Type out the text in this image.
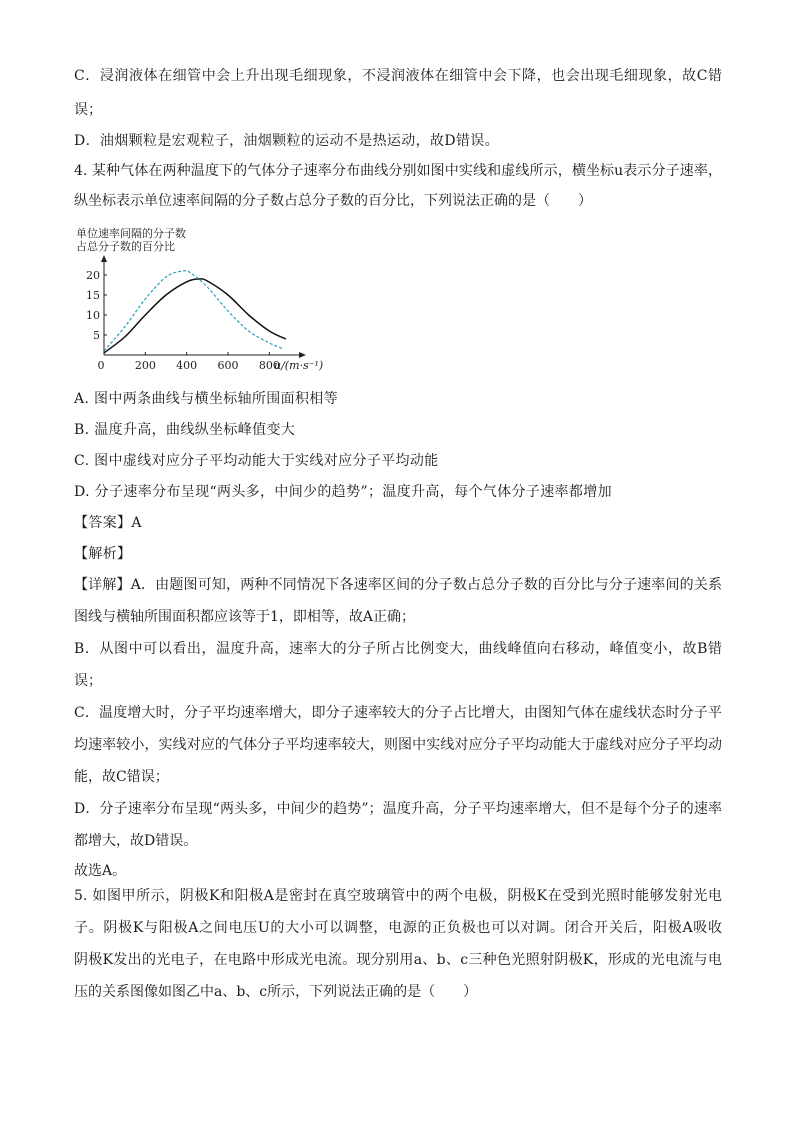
C．浸润液体在细管中会上升出现毛细现象，不浸润液体在细管中会下降，也会出现毛细现象，故C错
误；
D．油烟颗粒是宏观粒子，油烟颗粒的运动不是热运动，故D错误。
4. 某种气体在两种温度下的气体分子速率分布曲线分别如图中实线和虚线所示，横坐标u表示分子速率，
纵坐标表示单位速率间隔的分子数占总分子数的百分比，下列说法正确的是（　　）
单位速率间隔的分子数
占总分子数的百分比
0	200 400 600 800
5
10
15
20
u/(m·s⁻¹)
A. 图中两条曲线与横坐标轴所围面积相等
B. 温度升高，曲线纵坐标峰值变大
C. 图中虚线对应分子平均动能大于实线对应分子平均动能
D. 分子速率分布呈现“两头多，中间少的趋势”；温度升高，每个气体分子速率都增加
【答案】A
【解析】
【详解】A．由题图可知，两种不同情况下各速率区间的分子数占总分子数的百分比与分子速率间的关系
图线与横轴所围面积都应该等于1，即相等，故A正确；
B．从图中可以看出，温度升高，速率大的分子所占比例变大，曲线峰值向右移动，峰值变小，故B错
误；
C．温度增大时，分子平均速率增大，即分子速率较大的分子占比增大，由图知气体在虚线状态时分子平
均速率较小，实线对应的气体分子平均速率较大，则图中实线对应分子平均动能大于虚线对应分子平均动
能，故C错误；
D．分子速率分布呈现“两头多，中间少的趋势”；温度升高，分子平均速率增大，但不是每个分子的速率
都增大，故D错误。
故选A。
5. 如图甲所示，阴极K和阳极A是密封在真空玻璃管中的两个电极，阴极K在受到光照时能够发射光电
子。阴极K与阳极A之间电压U的大小可以调整，电源的正负极也可以对调。闭合开关后，阳极A吸收
阴极K发出的光电子，在电路中形成光电流。现分别用a、b、c三种色光照射阴极K，形成的光电流与电
压的关系图像如图乙中a、b、c所示，下列说法正确的是（　　）
